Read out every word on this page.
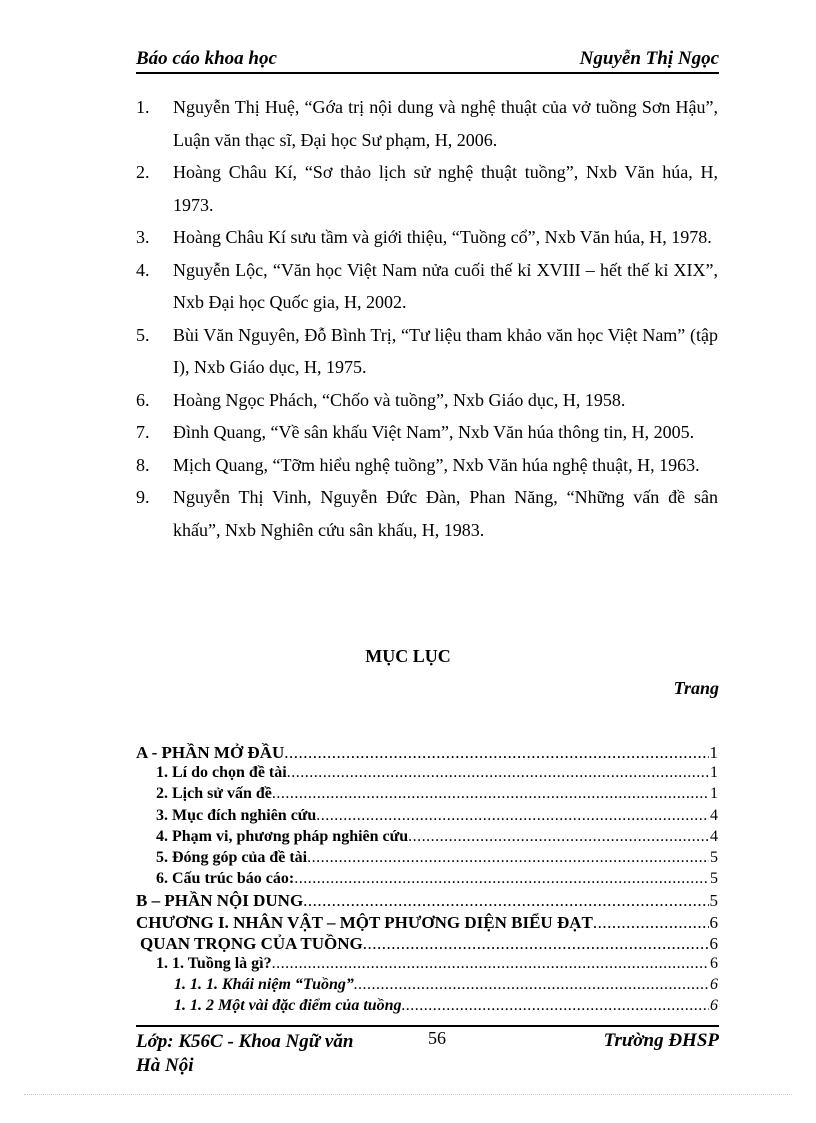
Báo cáo khoa học	Nguyễn Thị Ngọc
1. Nguyễn Thị Huệ, “Gớa trị nội dung và nghệ thuật của vở tuồng Sơn Hậu”, Luận văn thạc sĩ, Đại học Sư phạm, H, 2006.
2. Hoàng Châu Kí, “Sơ thảo lịch sử nghệ thuật tuồng”, Nxb Văn húa, H, 1973.
3. Hoàng Châu Kí sưu tầm và giới thiệu, “Tuồng cổ”, Nxb Văn húa, H, 1978.
4. Nguyễn Lộc, “Văn học Việt Nam nửa cuối thế kỉ XVIII – hết thế kỉ XIX”, Nxb Đại học Quốc gia, H, 2002.
5. Bùi Văn Nguyên, Đỗ Bình Trị, “Tư liệu tham khảo văn học Việt Nam” (tập I), Nxb Giáo dục, H, 1975.
6. Hoàng Ngọc Phách, “Chốo và tuồng”, Nxb Giáo dục, H, 1958.
7. Đình Quang, “Về sân khấu Việt Nam”, Nxb Văn húa thông tin, H, 2005.
8. Mịch Quang, “Tỡm hiểu nghệ tuồng”, Nxb Văn húa nghệ thuật, H, 1963.
9. Nguyễn Thị Vinh, Nguyễn Đức Đàn, Phan Năng, “Những vấn đề sân khấu”, Nxb Nghiên cứu sân khấu, H, 1983.
MỤC LỤC
Trang
A - PHẦN MỞ ĐẦU .....	1
1. Lí do chọn đề tài .....	1
2. Lịch sử vấn đề .....	1
3. Mục đích nghiên cứu .....	4
4. Phạm vi, phương pháp nghiên cứu .....	4
5. Đóng góp của đề tài .....	5
6. Cấu trúc báo cáo: .....	5
B – PHẦN NỘI DUNG .....	5
CHƯƠNG I. NHÂN VẬT – MỘT PHƯƠNG DIỆN BIỂU ĐẠT .....	6
QUAN TRỌNG CỦA TUỒNG .....	6
1. 1. Tuồng là gì? .....	6
1. 1. 1. Khái niệm “Tuồng” .....	6
1. 1. 2 Một vài đặc điểm của tuồng .....	6
Lớp: K56C - Khoa Ngữ văn
Hà Nội
56	Trường ĐHSP
